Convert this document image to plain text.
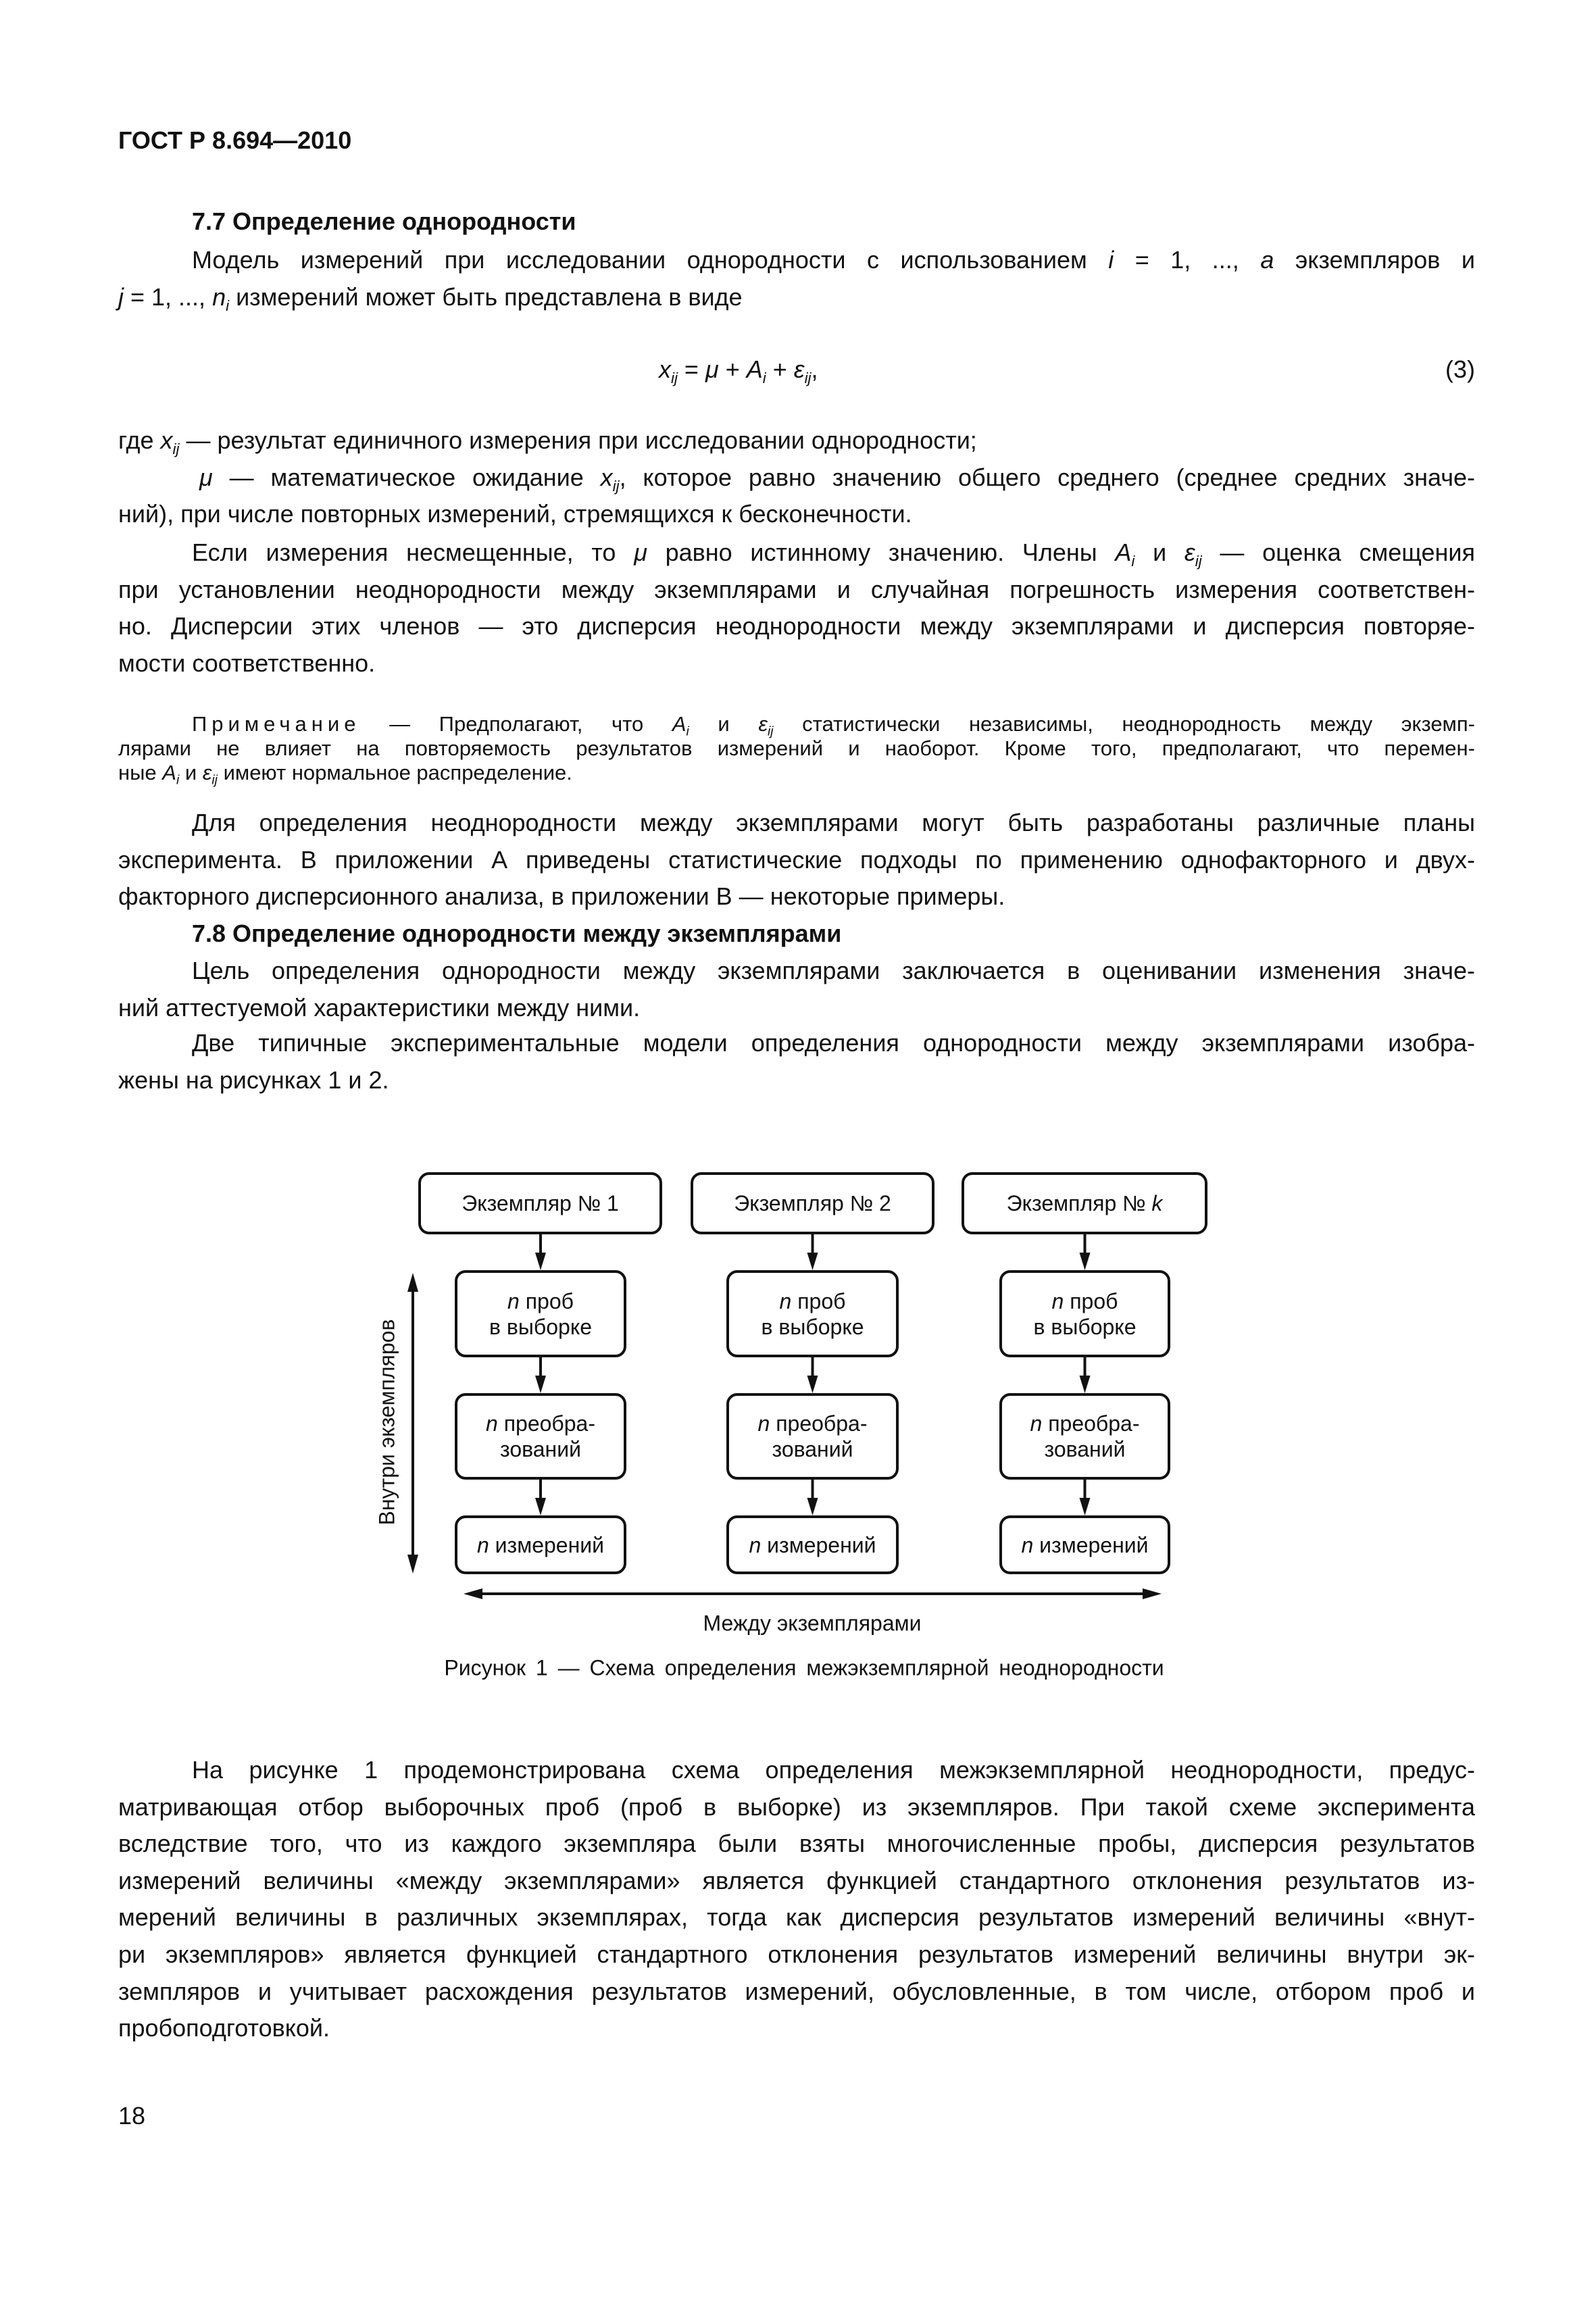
ГОСТ Р 8.694—2010
7.7 Определение однородности
Модель измерений при исследовании однородности с использованием i = 1, ..., a экземпляров и
j = 1, ..., $n_i$ измерений может быть представлена в виде
$x_{ij} = \mu + A_i + \varepsilon_{ij}$,	(3)
где $x_{ij}$ — результат единичного измерения при исследовании однородности;
μ — математическое ожидание $x_{ij}$, которое равно значению общего среднего (среднее средних значе-
ний), при числе повторных измерений, стремящихся к бесконечности.
Если измерения несмещенные, то μ равно истинному значению. Члены $A_i$ и $\varepsilon_{ij}$ — оценка смещения
при установлении неоднородности между экземплярами и случайная погрешность измерения соответствен-
но. Дисперсии этих членов — это дисперсия неоднородности между экземплярами и дисперсия повторяе-
мости соответственно.
Примечание — Предполагают, что $A_i$ и $\varepsilon_{ij}$ статистически независимы, неоднородность между экземп-
лярами не влияет на повторяемость результатов измерений и наоборот. Кроме того, предполагают, что перемен-
ные $A_i$ и $\varepsilon_{ij}$ имеют нормальное распределение.
Для определения неоднородности между экземплярами могут быть разработаны различные планы
эксперимента. В приложении А приведены статистические подходы по применению однофакторного и двух-
факторного дисперсионного анализа, в приложении В — некоторые примеры.
7.8 Определение однородности между экземплярами
Цель определения однородности между экземплярами заключается в оценивании изменения значе-
ний аттестуемой характеристики между ними.
Две типичные экспериментальные модели определения однородности между экземплярами изобра-
жены на рисунках 1 и 2.
Экземпляр № 1
n проб
в выборке
n преобра-
зований
n измерений
Экземпляр № 2
n проб
в выборке
n преобра-
зований
n измерений
Экземпляр № k
n проб
в выборке
n преобра-
зований
n измерений
Внутри экземпляров
Между экземплярами
Рисунок 1 — Схема определения межэкземплярной неоднородности
На рисунке 1 продемонстрирована схема определения межэкземплярной неоднородности, предус-
матривающая отбор выборочных проб (проб в выборке) из экземпляров. При такой схеме эксперимента
вследствие того, что из каждого экземпляра были взяты многочисленные пробы, дисперсия результатов
измерений величины «между экземплярами» является функцией стандартного отклонения результатов из-
мерений величины в различных экземплярах, тогда как дисперсия результатов измерений величины «внут-
ри экземпляров» является функцией стандартного отклонения результатов измерений величины внутри эк-
земпляров и учитывает расхождения результатов измерений, обусловленные, в том числе, отбором проб и
пробоподготовкой.
18
